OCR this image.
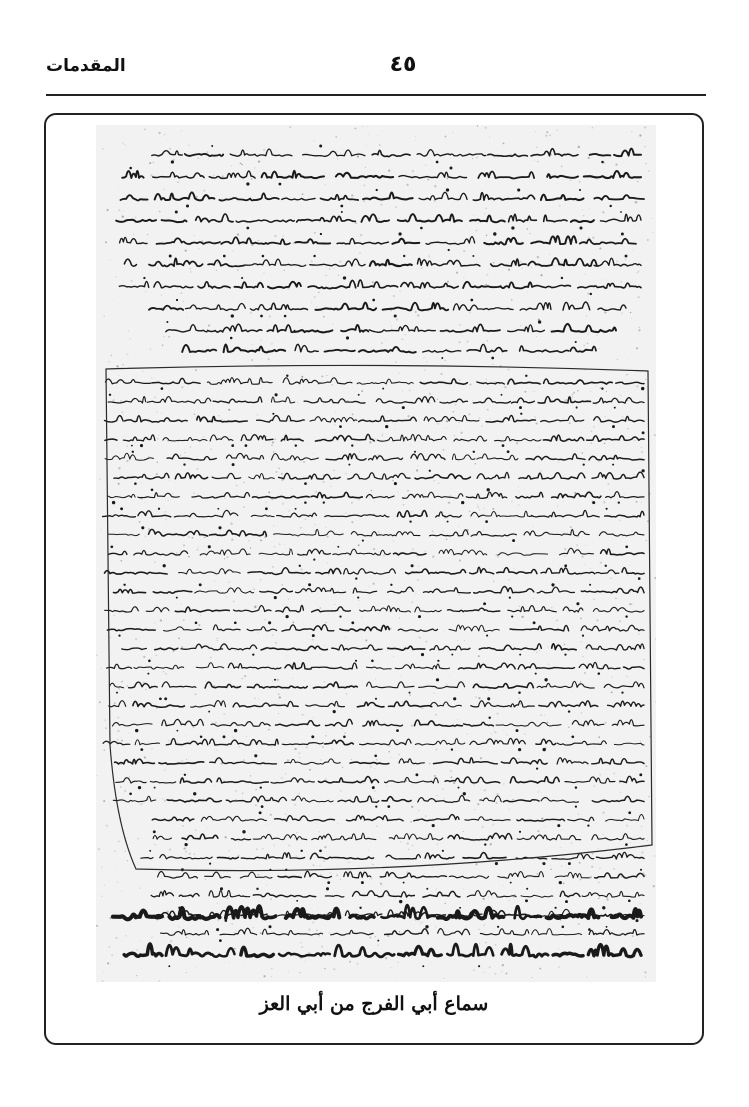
المقدمات	٤٥
سماع أبي الفرج من أبي العز
